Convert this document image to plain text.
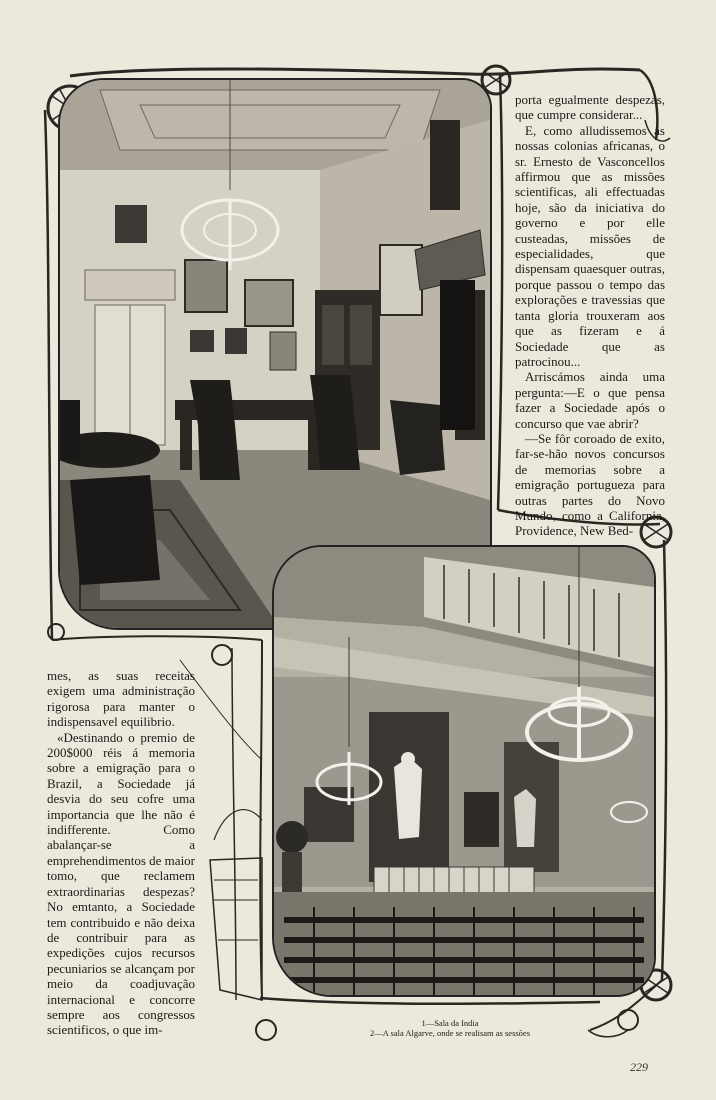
porta egualmente despezas, que cumpre considerar...

E, como alludissemos ás nossas colonias africanas, o sr. Ernesto de Vasconcellos affirmou que as missões scientificas, ali effectuadas hoje, são da iniciativa do governo e por elle custeadas, missões de especialidades, que dispensam quaesquer outras, porque passou o tempo das explorações e travessias que tanta gloria trouxeram aos que as fizeram e á Sociedade que as patrocinou...

Arriscámos ainda uma pergunta:—E o que pensa fazer a Sociedade após o concurso que vae abrir?

—Se fôr coroado de exito, far-se-hão novos concursos de memorias sobre a emigração portugueza para outras partes do Novo Mundo, como a California, Providence, New Bed-

mes, as suas receitas exigem uma administração rigorosa para manter o indispensavel equilibrio.

«Destinando o premio de 200$000 réis á memoria sobre a emigração para o Brazil, a Sociedade já desvia do seu cofre uma importancia que lhe não é indifferente. Como abalançar-se a emprehendimentos de maior tomo, que reclamem extraordinarias despezas? No emtanto, a Sociedade tem contribuido e não deixa de contribuir para as expedições cujos recursos pecuniarios se alcançam por meio da coadjuvação internacional e concorre sempre aos congressos scientificos, o que im-	1—Sala da India
2—A sala Algarve, onde se realisam as sessões
229
